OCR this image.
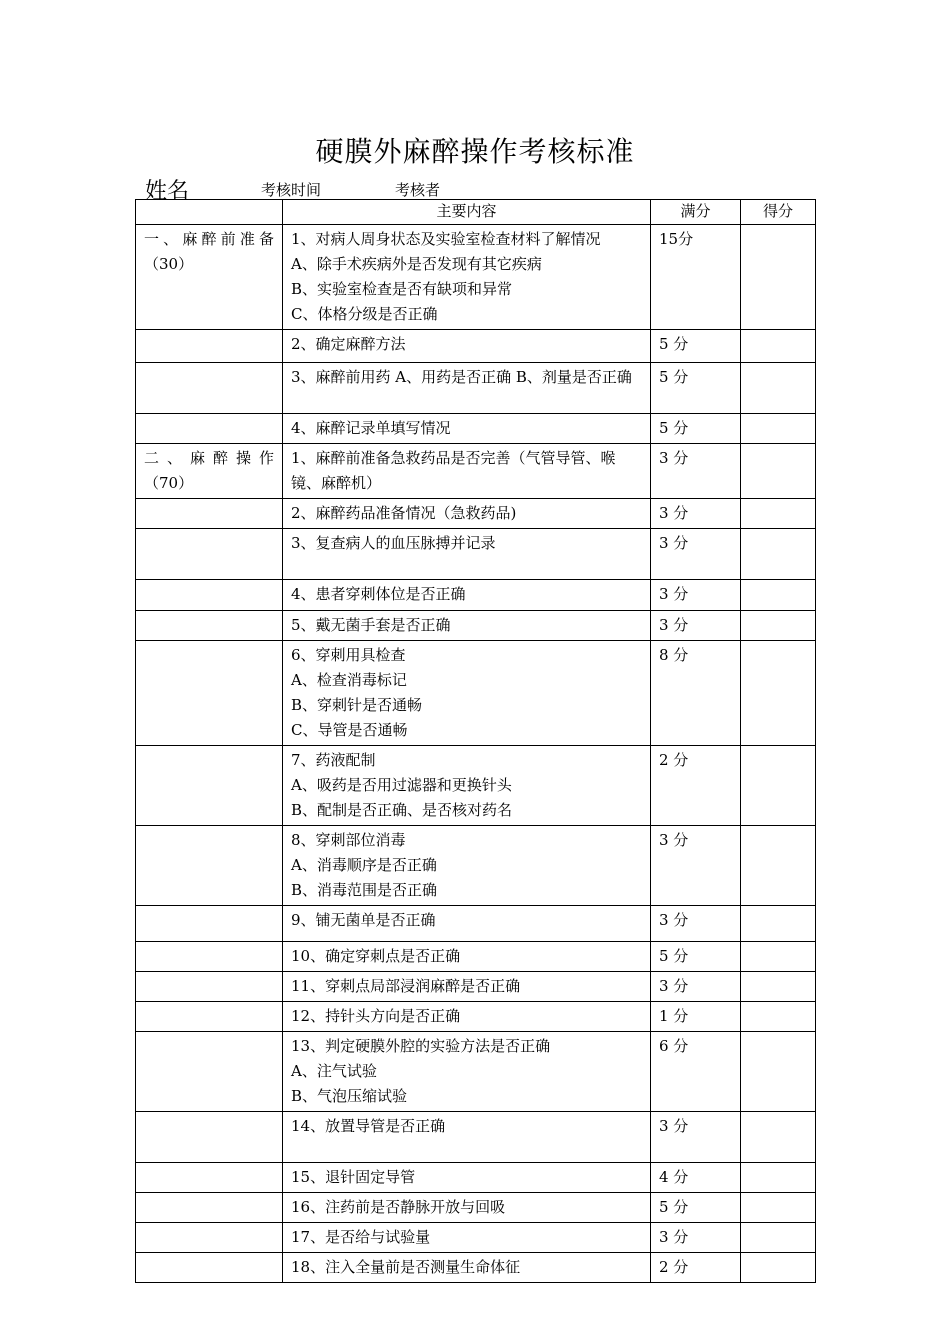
硬膜外麻醉操作考核标准
姓名	考核时间	考核者
	主要内容	满分	得分

一、麻醉前准备
（30）	1、对病人周身状态及实验室检查材料了解情况
A、除手术疾病外是否发现有其它疾病
B、实验室检查是否有缺项和异常
C、体格分级是否正确	15分	

	2、确定麻醉方法	5 分	

	3、麻醉前用药 A、用药是否正确 B、剂量是否正确	5 分	

	4、麻醉记录单填写情况	5 分	

二、麻醉操作
（70）	1、麻醉前准备急救药品是否完善（气管导管、喉镜、麻醉机）	3 分	

	2、麻醉药品准备情况（急救药品)	3 分	

	3、复查病人的血压脉搏并记录	3 分	

	4、患者穿刺体位是否正确	3 分	

	5、戴无菌手套是否正确	3 分	

	6、穿刺用具检查
A、检查消毒标记
B、穿刺针是否通畅
C、导管是否通畅	8 分	

	7、药液配制
A、吸药是否用过滤器和更换针头
B、配制是否正确、是否核对药名	2 分	

	8、穿刺部位消毒
A、消毒顺序是否正确
B、消毒范围是否正确	3 分	

	9、铺无菌单是否正确	3 分	

	10、确定穿刺点是否正确	5 分	

	11、穿刺点局部浸润麻醉是否正确	3 分	

	12、持针头方向是否正确	1 分	

	13、判定硬膜外腔的实验方法是否正确
A、注气试验
B、气泡压缩试验	6 分	

	14、放置导管是否正确	3 分	

	15、退针固定导管	4 分	

	16、注药前是否静脉开放与回吸	5 分	

	17、是否给与试验量	3 分	

	18、注入全量前是否测量生命体征	2 分	
